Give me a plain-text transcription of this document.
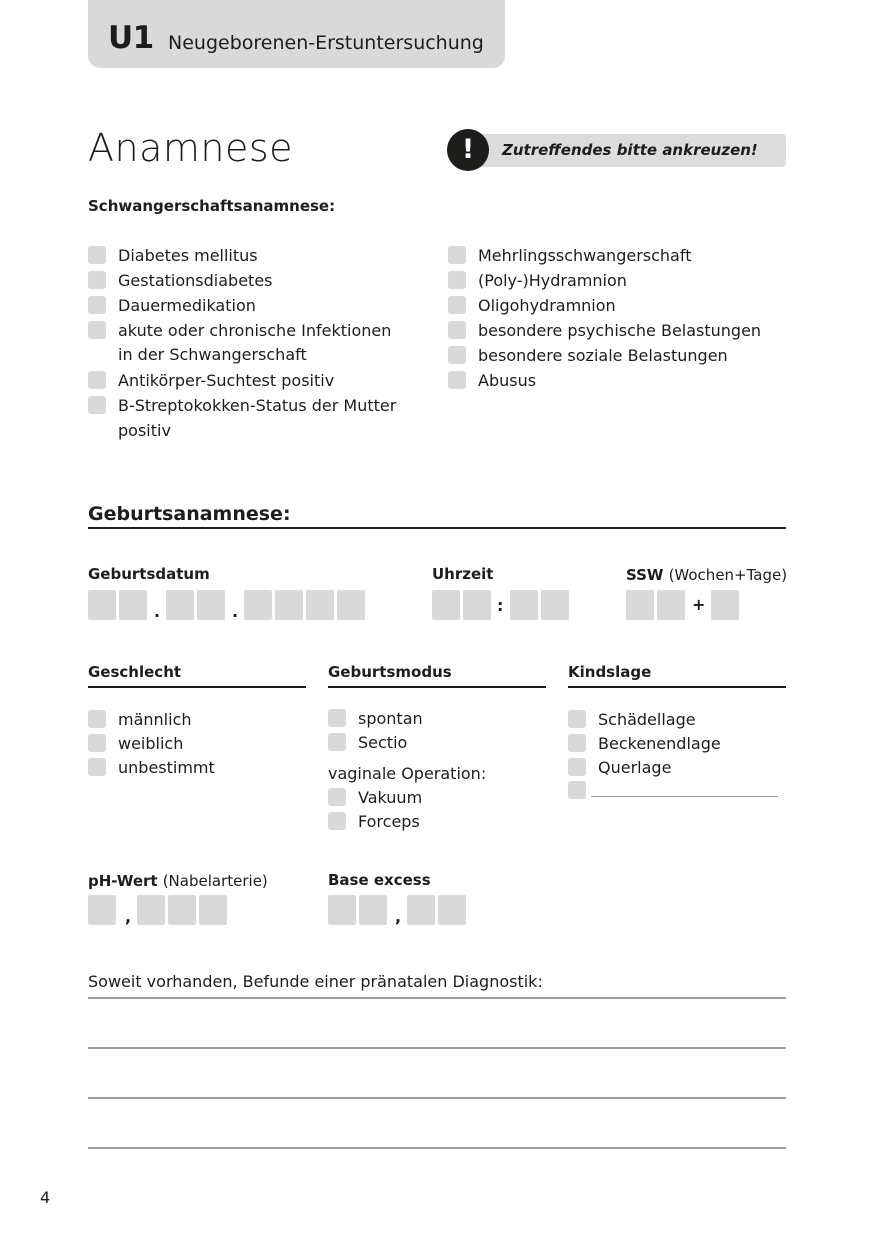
U1 Neugeborenen-Erstuntersuchung
Anamnese	!	Zutreffendes bitte ankreuzen!
Schwangerschaftsanamnese:
Diabetes mellitus
Gestationsdiabetes
Dauermedikation
akute oder chronische Infektionen
in der Schwangerschaft
Antikörper-Suchtest positiv
B-Streptokokken-Status der Mutter
positiv
Mehrlingsschwangerschaft
(Poly-)Hydramnion
Oligohydramnion
besondere psychische Belastungen
besondere soziale Belastungen
Abusus
Geburtsanamnese:
Geburtsdatum
.	.
Uhrzeit
:
SSW (Wochen+Tage)
+
Geschlecht
männlich
weiblich
unbestimmt
Geburtsmodus
spontan
Sectio
vaginale Operation:
Vakuum
Forceps
Kindslage
Schädellage
Beckenendlage
Querlage
pH-Wert (Nabelarterie)
,
Base excess
,
Soweit vorhanden, Befunde einer pränatalen Diagnostik:
4
